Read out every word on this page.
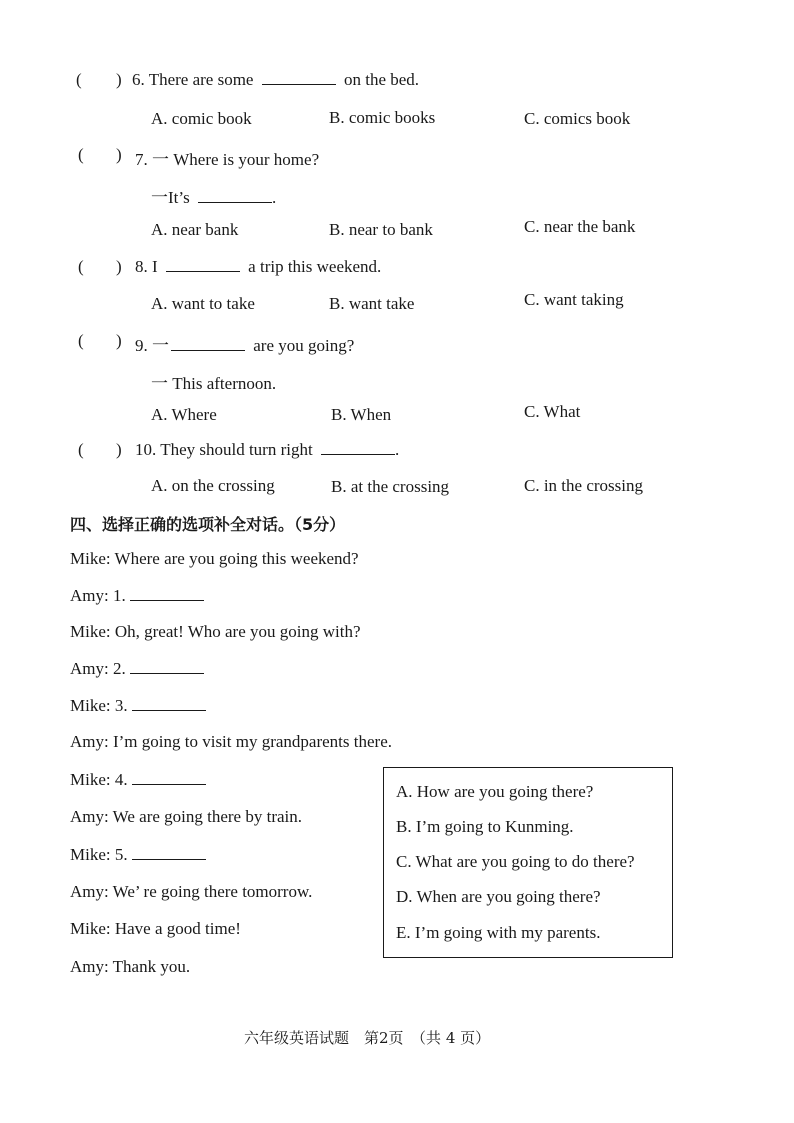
( ) 6. There are some	on the bed.
A. comic book	B. comic books	C. comics book
( ) 7. 一 Where is your home?
一It’s	.
A. near bank	B. near to bank	C. near the bank
( ) 8. I	a trip this weekend.
A. want to take	B. want take	C. want taking
( ) 9. 一	are you going?
一 This afternoon.
A. Where	B. When	C. What
( ) 10. They should turn right	.
A. on the crossing	B. at the crossing	C. in the crossing
四、选择正确的选项补全对话。（5分）
Mike: Where are you going this weekend?
Amy: 1.
Mike: Oh, great! Who are you going with?
Amy: 2.
Mike: 3.
Amy: I’m going to visit my grandparents there.
Mike: 4.
Amy: We are going there by train.
Mike: 5.
Amy: We’ re going there tomorrow.
Mike: Have a good time!
Amy: Thank you.
A. How are you going there?
B. I’m going to Kunming.
C. What are you going to do there?
D. When are you going there?
E. I’m going with my parents.
六年级英语试题　第2页　（共 4 页）
